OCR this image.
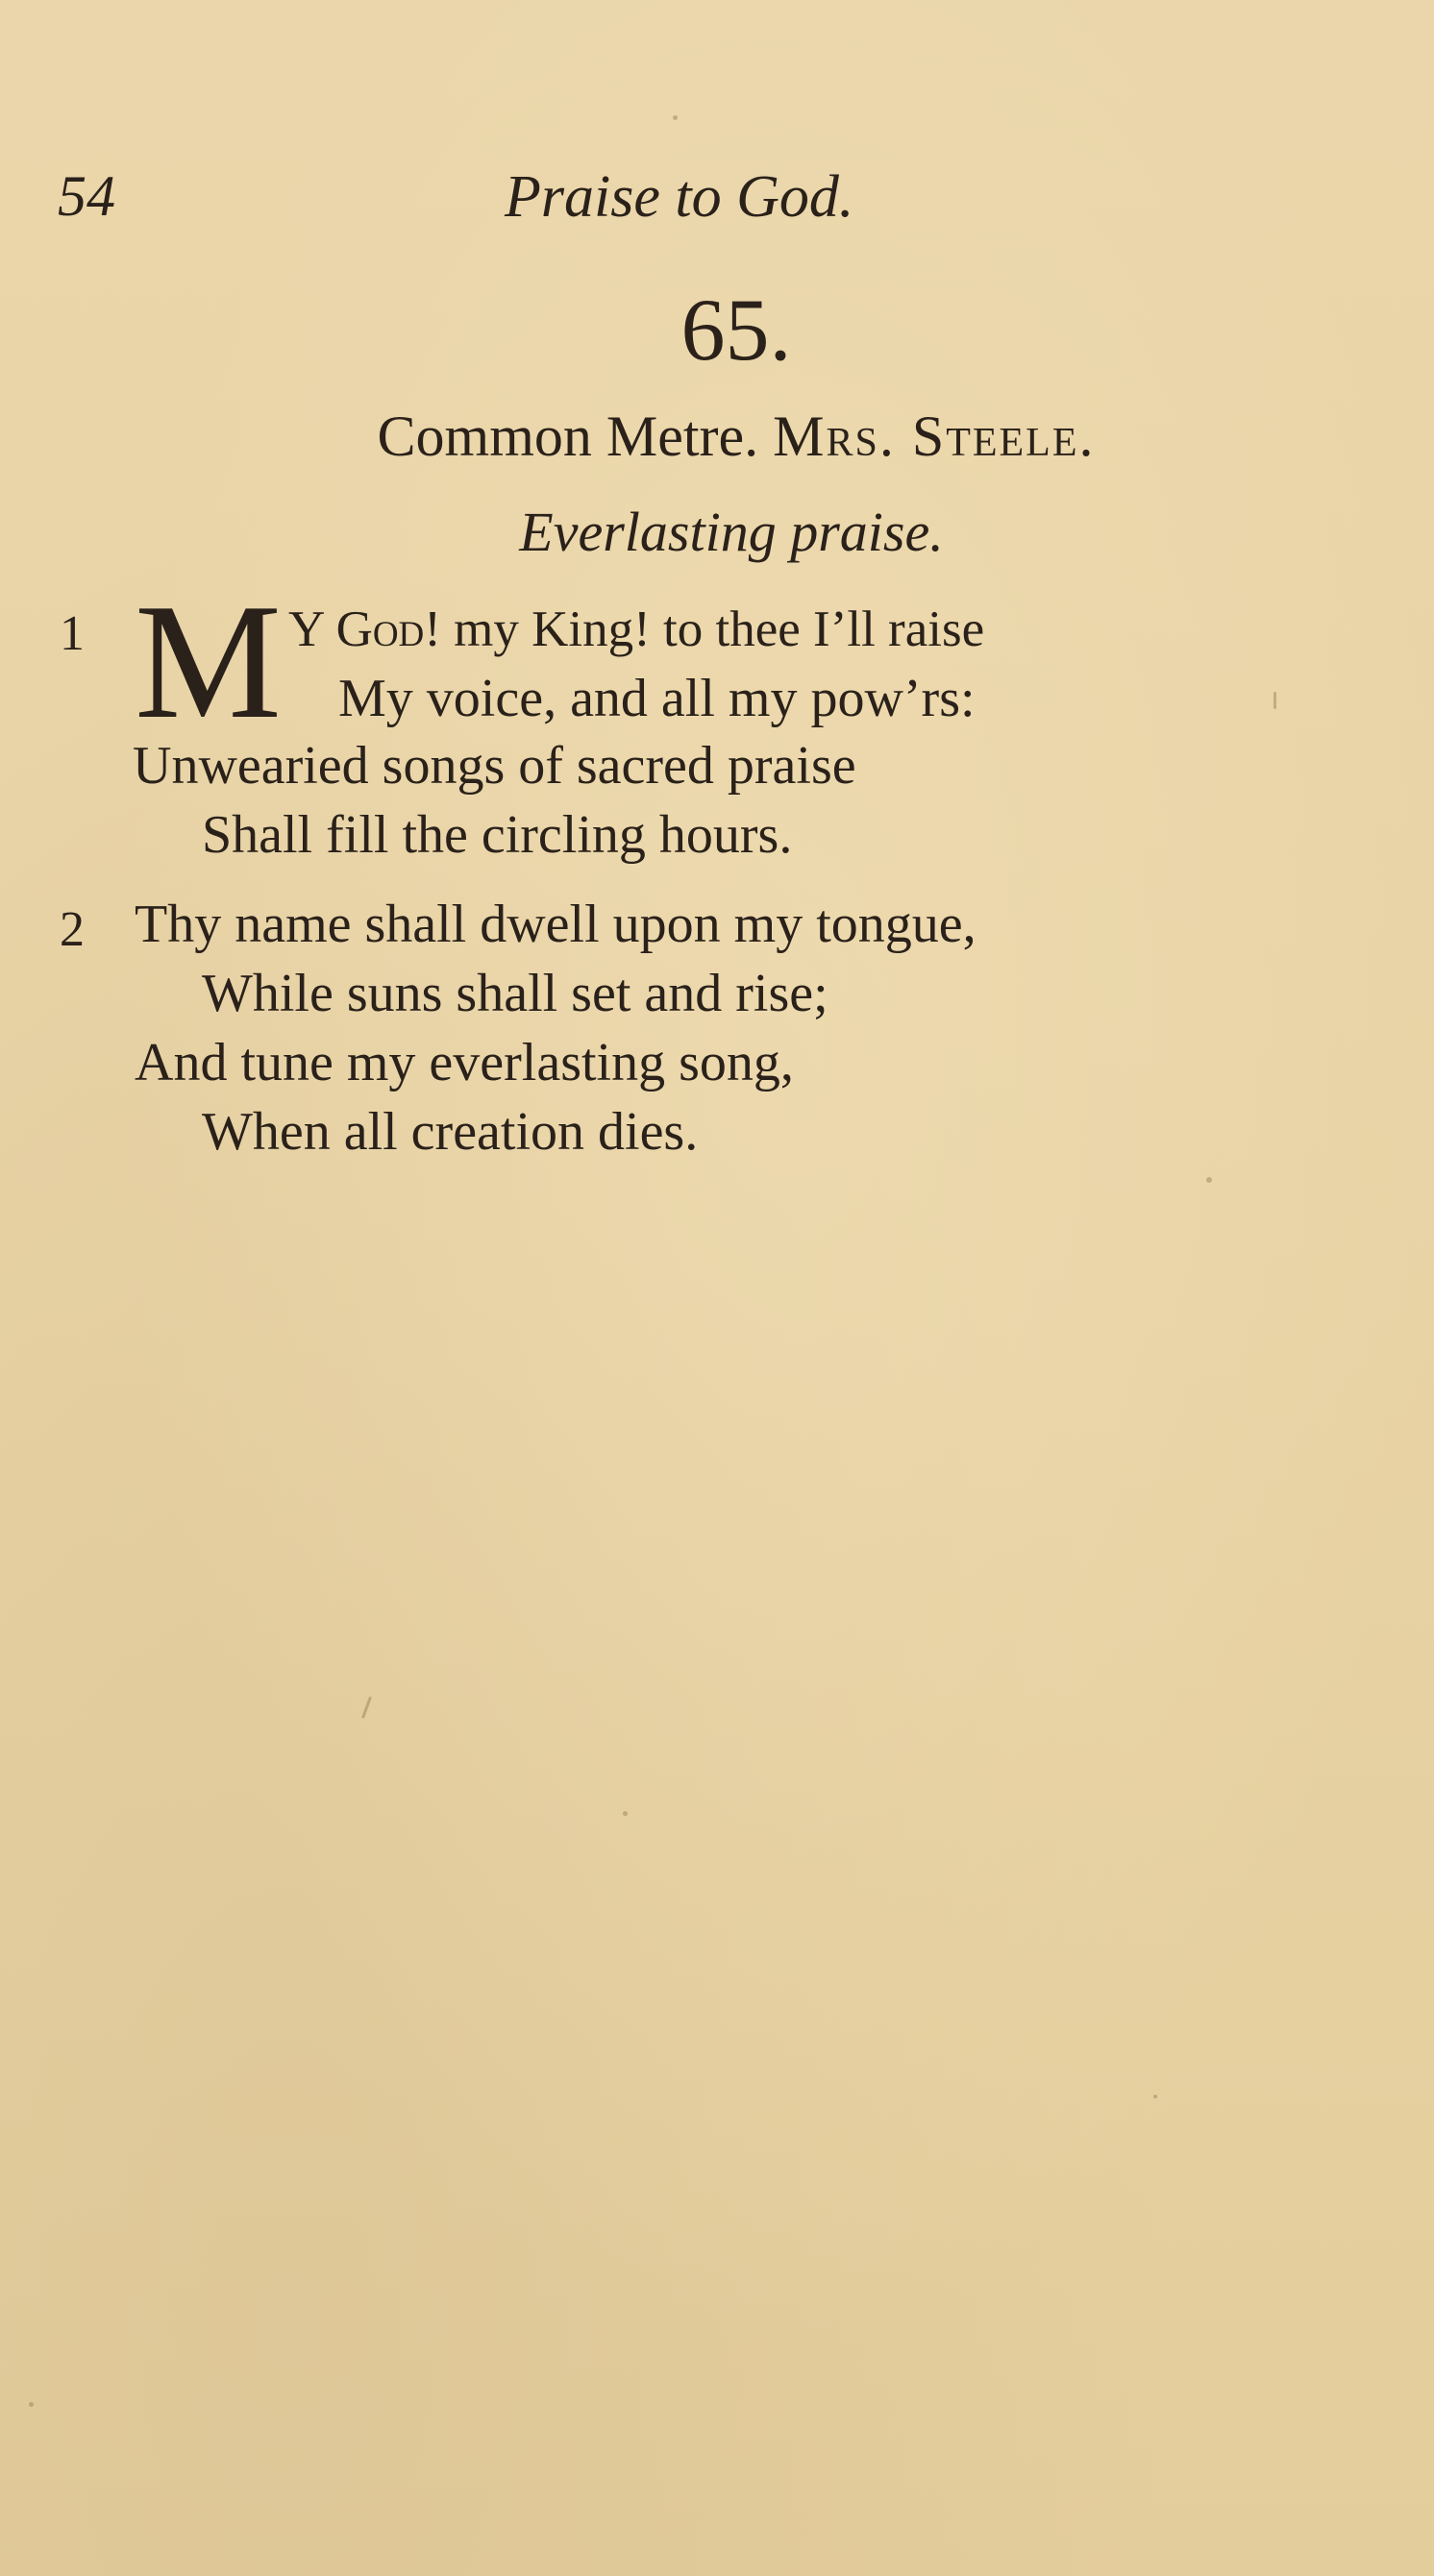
54	Praise to God.
65.
Common Metre. Mrs. Steele.
Everlasting praise.
1 M Y God! my King! to thee I’ll raise
My voice, and all my pow’rs:
Unwearied songs of sacred praise
Shall fill the circling hours.
2 Thy name shall dwell upon my tongue,
While suns shall set and rise;
And tune my everlasting song,
When all creation dies.
